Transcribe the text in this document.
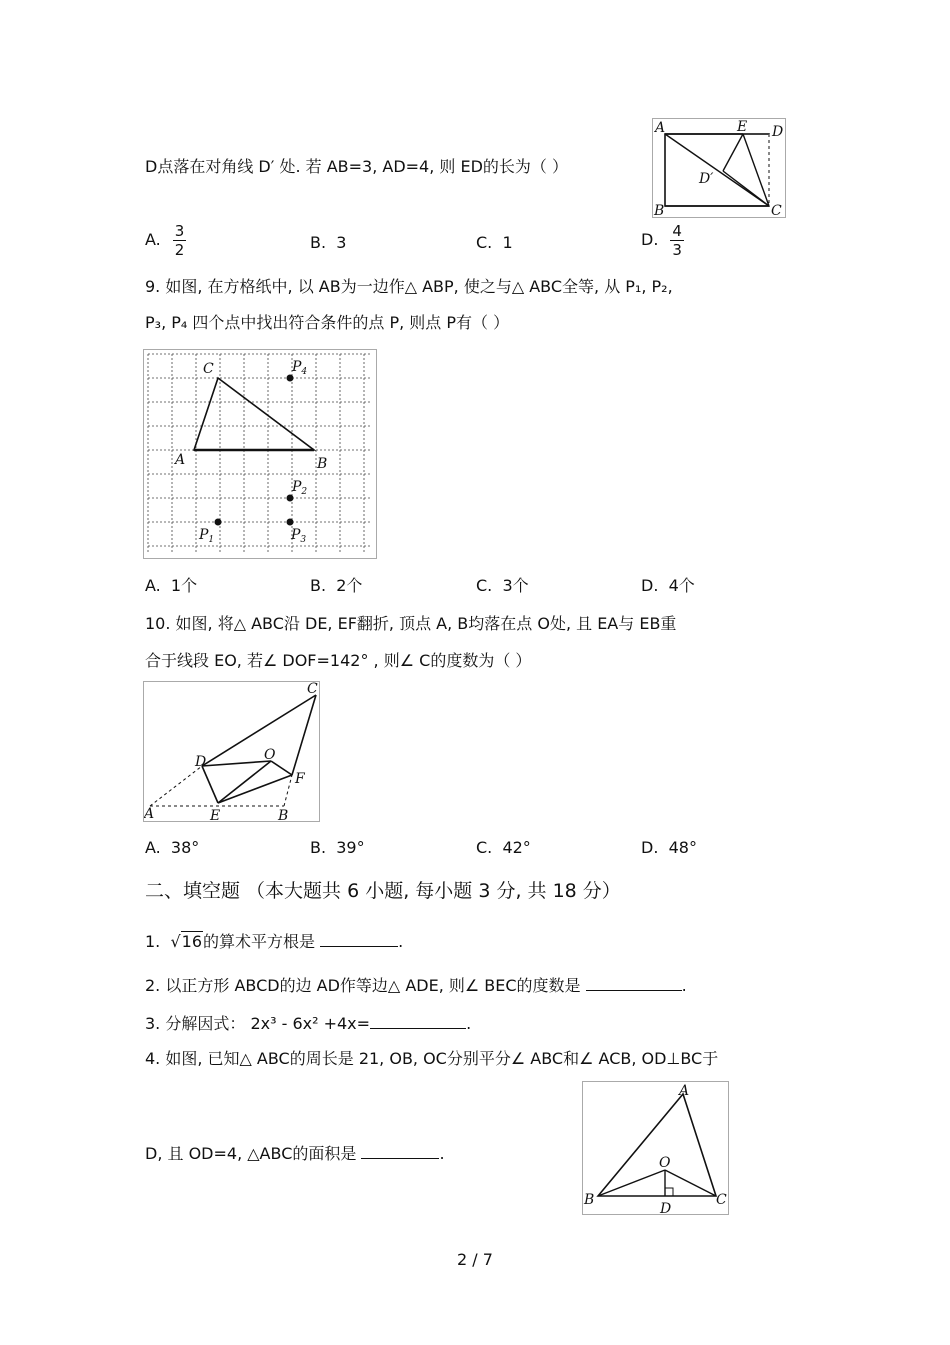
D点落在对角线 D′ 处. 若 AB=3, AD=4, 则 ED的长为（ ）
A	E D
D′
B	C
A. $\frac{3}{2}$	B. 3	C. 1	D. $\frac{4}{3}$
9. 如图, 在方格纸中, 以 AB为一边作△ ABP, 使之与△ ABC全等, 从 P₁, P₂,
P₃, P₄ 四个点中找出符合条件的点 P, 则点 P有（ ）
C
A	B
$P_4$
$P_2$
$P_3$
$P_1$
A. 1个	B. 2个	C. 3个	D. 4个
10. 如图, 将△ ABC沿 DE, EF翻折, 顶点 A, B均落在点 O处, 且 EA与 EB重
合于线段 EO, 若∠ DOF=142° , 则∠ C的度数为（ ）
A	E	B
D	O
F
C
A. 38°	B. 39°	C. 42°	D. 48°
二、填空题 （本大题共 6 小题, 每小题 3 分, 共 18 分）
1. √16的算术平方根是	.
2. 以正方形 ABCD的边 AD作等边△ ADE, 则∠ BEC的度数是	.
3. 分解因式： 2x³ - 6x² +4x=	.
4. 如图, 已知△ ABC的周长是 21, OB, OC分别平分∠ ABC和∠ ACB, OD⊥BC于
D, 且 OD=4, △ABC的面积是	.
A
B	C
D
O
2 / 7
